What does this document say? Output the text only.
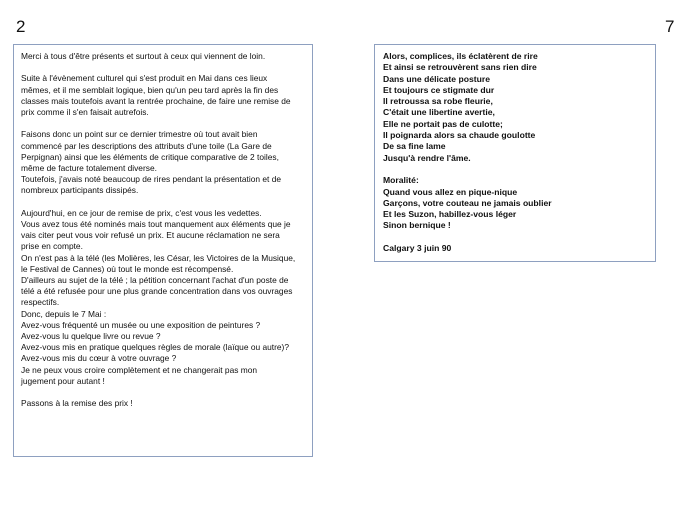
2	7

Merci à tous d'être présents et surtout à ceux qui viennent de loin.

Suite à l'évènement culturel qui s'est produit en Mai dans ces lieux
mêmes, et il me semblait logique, bien qu'un peu tard après la fin des
classes mais toutefois avant la rentrée prochaine, de faire une remise de
prix comme il s'en faisait autrefois.

Faisons donc un point sur ce dernier trimestre où tout avait bien
commencé par les descriptions des attributs d'une toile (La Gare de
Perpignan) ainsi que les éléments de critique comparative de 2 toiles,
même de facture totalement diverse.
Toutefois, j'avais noté beaucoup de rires pendant la présentation et de
nombreux participants dissipés.

Aujourd'hui, en ce jour de remise de prix, c'est vous les vedettes.
Vous avez tous été nominés mais tout manquement aux éléments que je
vais citer peut vous voir refusé un prix. Et aucune réclamation ne sera
prise en compte.
On n'est pas à la télé (les Molières, les César, les Victoires de la Musique,
le Festival de Cannes) où tout le monde est récompensé.
D'ailleurs au sujet de la télé ; la pétition concernant l'achat d'un poste de
télé a été refusée pour une plus grande concentration dans vos ouvrages
respectifs.
Donc, depuis le 7 Mai :
Avez-vous fréquenté un musée ou une exposition de peintures ?
Avez-vous lu quelque livre ou revue ?
Avez-vous mis en pratique quelques règles de morale (laïque ou autre)?
Avez-vous mis du cœur à votre ouvrage ?
Je ne peux vous croire complètement et ne changerait pas mon
jugement pour autant !

Passons à la remise des prix !

Alors, complices, ils éclatèrent de rire
Et ainsi se retrouvèrent sans rien dire
Dans une délicate posture
Et toujours ce stigmate dur
Il retroussa sa robe fleurie,
C'était une libertine avertie,
Elle ne portait pas de culotte;
Il poignarda alors sa chaude goulotte
De sa fine lame
Jusqu'à rendre l'âme.

Moralité:
Quand vous allez en pique-nique
Garçons, votre couteau ne jamais oublier
Et les Suzon, habillez-vous léger
Sinon bernique !

Calgary 3 juin 90
